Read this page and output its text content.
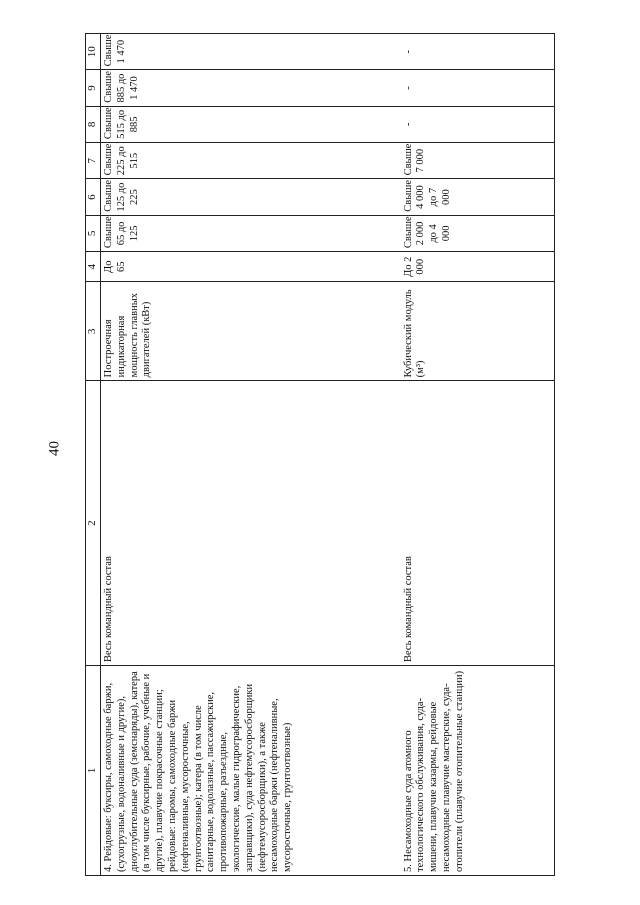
40
1	2	3	4	5	6	7	8	9	10

4. Рейдовые: буксиры, самоходные баржи, (сухогрузные, водоналивные и другие), дноуглубительные суда (земснаряды), катера (в том числе буксирные, рабочие, учебные и другие), плавучие покрасочные станции; рейдовые: паромы, самоходные баржи (нефтеналивные, мусоросточные, грунтоотвозные); катера (в том числе санитарные, водолазные, пассажирские, противопожарные, разъездные, экологические, малые гидрографические, заправщики), суда нефтемусоросборщики (нефтемусоросборщики), а также несамоходные баржи (нефтеналивные, мусоросточные, грунтоотвозные)	Весь командный состав	Построечная индикаторная мощность главных двигателей (кВт)	До 65	Свыше 65 до 125	Свыше 125 до 225	Свыше 225 до 515	Свыше 515 до 885	Свыше 885 до 1 470	Свыше 1 470

5. Несамоходные суда атомного технологического обслуживания, суда-мишени, плавучие казармы, рейдовые несамоходные плавучие мастерские, суда-отопители (плавучие отопительные станции)	Весь командный состав	Кубический модуль (м³)	До 2 000	Свыше 2 000 до 4 000	Свыше 4 000 до 7 000	Свыше 7 000	-	-	-
